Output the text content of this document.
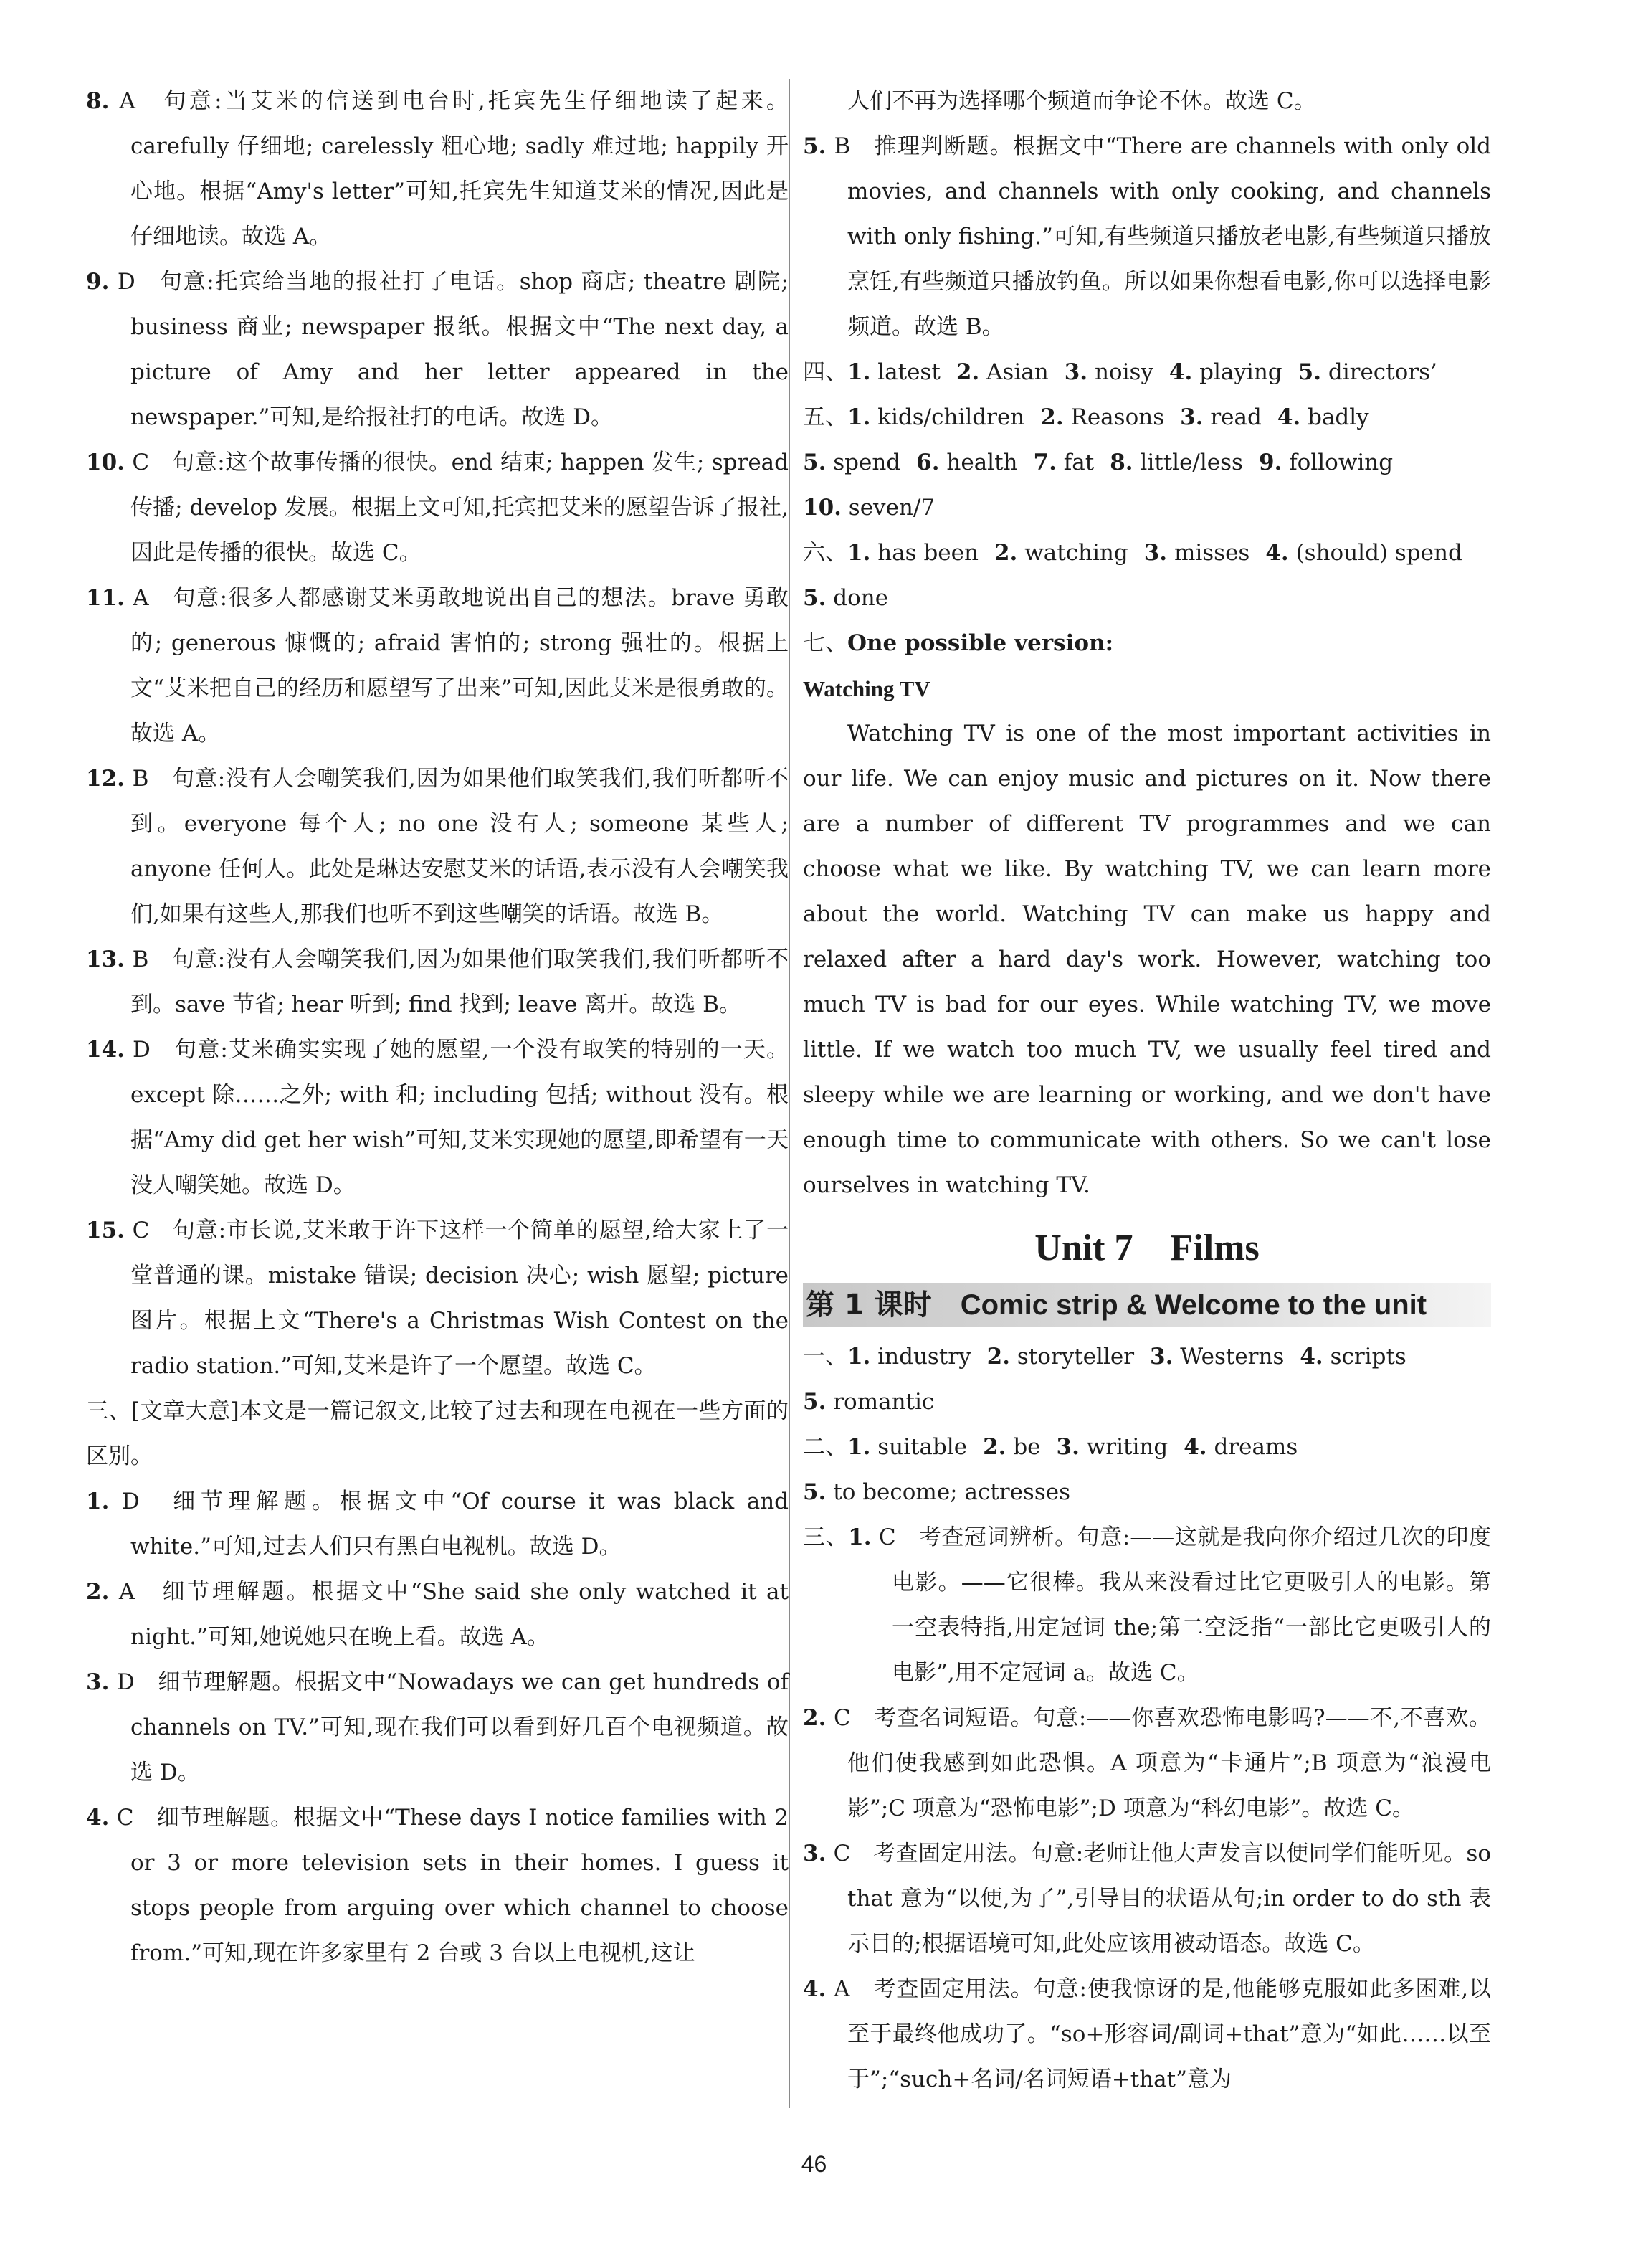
8. A　句意:当艾米的信送到电台时,托宾先生仔细地读了起来。carefully 仔细地; carelessly 粗心地; sadly 难过地; happily 开心地。根据“Amy's letter”可知,托宾先生知道艾米的情况,因此是仔细地读。故选 A。

9. D　句意:托宾给当地的报社打了电话。shop 商店; theatre 剧院; business 商业; newspaper 报纸。根据文中“The next day, a picture of Amy and her letter appeared in the newspaper.”可知,是给报社打的电话。故选 D。

10. C　句意:这个故事传播的很快。end 结束; happen 发生; spread 传播; develop 发展。根据上文可知,托宾把艾米的愿望告诉了报社,因此是传播的很快。故选 C。

11. A　句意:很多人都感谢艾米勇敢地说出自己的想法。brave 勇敢的; generous 慷慨的; afraid 害怕的; strong 强壮的。根据上文“艾米把自己的经历和愿望写了出来”可知,因此艾米是很勇敢的。故选 A。

12. B　句意:没有人会嘲笑我们,因为如果他们取笑我们,我们听都听不到。everyone 每个人; no one 没有人; someone 某些人; anyone 任何人。此处是琳达安慰艾米的话语,表示没有人会嘲笑我们,如果有这些人,那我们也听不到这些嘲笑的话语。故选 B。

13. B　句意:没有人会嘲笑我们,因为如果他们取笑我们,我们听都听不到。save 节省; hear 听到; find 找到; leave 离开。故选 B。

14. D　句意:艾米确实实现了她的愿望,一个没有取笑的特别的一天。except 除……之外; with 和; including 包括; without 没有。根据“Amy did get her wish”可知,艾米实现她的愿望,即希望有一天没人嘲笑她。故选 D。

15. C　句意:市长说,艾米敢于许下这样一个简单的愿望,给大家上了一堂普通的课。mistake 错误; decision 决心; wish 愿望; picture 图片。根据上文“There's a Christmas Wish Contest on the radio station.”可知,艾米是许了一个愿望。故选 C。

三、[文章大意]本文是一篇记叙文,比较了过去和现在电视在一些方面的区别。

1. D　细节理解题。根据文中“Of course it was black and white.”可知,过去人们只有黑白电视机。故选 D。

2. A　细节理解题。根据文中“She said she only watched it at night.”可知,她说她只在晚上看。故选 A。

3. D　细节理解题。根据文中“Nowadays we can get hundreds of channels on TV.”可知,现在我们可以看到好几百个电视频道。故选 D。

4. C　细节理解题。根据文中“These days I notice families with 2 or 3 or more television sets in their homes. I guess it stops people from arguing over which channel to choose from.”可知,现在许多家里有 2 台或 3 台以上电视机,这让

人们不再为选择哪个频道而争论不休。故选 C。

5. B　推理判断题。根据文中“There are channels with only old movies, and channels with only cooking, and channels with only fishing.”可知,有些频道只播放老电影,有些频道只播放烹饪,有些频道只播放钓鱼。所以如果你想看电影,你可以选择电影频道。故选 B。

四、1. latest 2. Asian 3. noisy 4. playing 5. directors’
五、1. kids/children 2. Reasons 3. read 4. badly
5. spend 6. health 7. fat 8. little/less 9. following
10. seven/7
六、1. has been 2. watching 3. misses 4. (should) spend
5. done
七、One possible version:

Watching TV

Watching TV is one of the most important activities in our life. We can enjoy music and pictures on it. Now there are a number of different TV programmes and we can choose what we like. By watching TV, we can learn more about the world. Watching TV can make us happy and relaxed after a hard day's work. However, watching too much TV is bad for our eyes. While watching TV, we move little. If we watch too much TV, we usually feel tired and sleepy while we are learning or working, and we don't have enough time to communicate with others. So we can't lose ourselves in watching TV.

Unit 7　Films
第 1 课时　 Comic strip & Welcome to the unit
一、1. industry 2. storyteller 3. Westerns 4. scripts
5. romantic
二、1. suitable 2. be 3. writing 4. dreams
5. to become; actresses

三、1. C　考查冠词辨析。句意:——这就是我向你介绍过几次的印度电影。——它很棒。我从来没看过比它更吸引人的电影。第一空表特指,用定冠词 the;第二空泛指“一部比它更吸引人的电影”,用不定冠词 a。故选 C。

2. C　考查名词短语。句意:——你喜欢恐怖电影吗?——不,不喜欢。他们使我感到如此恐惧。A 项意为“卡通片”;B 项意为“浪漫电影”;C 项意为“恐怖电影”;D 项意为“科幻电影”。故选 C。

3. C　考查固定用法。句意:老师让他大声发言以便同学们能听见。so that 意为“以便,为了”,引导目的状语从句;in order to do sth 表示目的;根据语境可知,此处应该用被动语态。故选 C。

4. A　考查固定用法。句意:使我惊讶的是,他能够克服如此多困难,以至于最终他成功了。“so+形容词/副词+that”意为“如此……以至于”;“such+名词/名词短语+that”意为

46
